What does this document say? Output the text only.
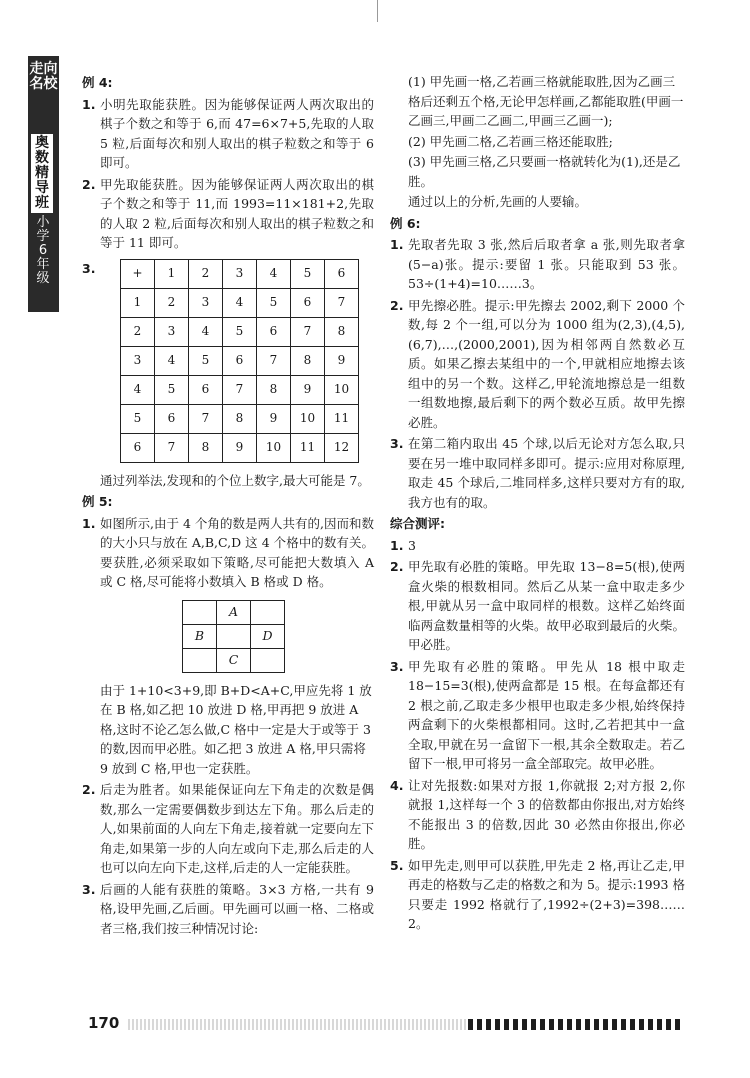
走向名校
奥数精导班
小学6年级
例 4:
1. 小明先取能获胜。因为能够保证两人两次取出的棋子个数之和等于 6,而 47=6×7+5,先取的人取 5 粒,后面每次和别人取出的棋子粒数之和等于 6 即可。
2. 甲先取能获胜。因为能够保证两人两次取出的棋子个数之和等于 11,而 1993=11×181+2,先取的人取 2 粒,后面每次和别人取出的棋子粒数之和等于 11 即可。
3.	+	1	2	3	4	5	6
1	2	3	4	5	6	7
2	3	4	5	6	7	8
3	4	5	6	7	8	9
4	5	6	7	8	9	10
5	6	7	8	9	10	11
6	7	8	9	10	11	12
通过列举法,发现和的个位上数字,最大可能是 7。
例 5:
1. 如图所示,由于 4 个角的数是两人共有的,因而和数的大小只与放在 A,B,C,D 这 4 个格中的数有关。要获胜,必须采取如下策略,尽可能把大数填入 A 或 C 格,尽可能将小数填入 B 格或 D 格。
	A	
B		D
	C	
由于 1+10<3+9,即 B+D<A+C,甲应先将 1 放在 B 格,如乙把 10 放进 D 格,甲再把 9 放进 A 格,这时不论乙怎么做,C 格中一定是大于或等于 3 的数,因而甲必胜。如乙把 3 放进 A 格,甲只需将 9 放到 C 格,甲也一定获胜。
2. 后走为胜者。如果能保证向左下角走的次数是偶数,那么一定需要偶数步到达左下角。那么后走的人,如果前面的人向左下角走,接着就一定要向左下角走,如果第一步的人向左或向下走,那么后走的人也可以向左向下走,这样,后走的人一定能获胜。
3. 后画的人能有获胜的策略。3×3 方格,一共有 9 格,设甲先画,乙后画。甲先画可以画一格、二格或者三格,我们按三种情况讨论:
(1) 甲先画一格,乙若画三格就能取胜,因为乙画三格后还剩五个格,无论甲怎样画,乙都能取胜(甲画一乙画三,甲画二乙画二,甲画三乙画一);
(2) 甲先画二格,乙若画三格还能取胜;
(3) 甲先画三格,乙只要画一格就转化为(1),还是乙胜。
通过以上的分析,先画的人要输。
例 6:
1. 先取者先取 3 张,然后后取者拿 a 张,则先取者拿(5−a)张。提示:要留 1 张。只能取到 53 张。53÷(1+4)=10……3。
2. 甲先擦必胜。提示:甲先擦去 2002,剩下 2000 个数,每 2 个一组,可以分为 1000 组为(2,3),(4,5),(6,7),…,(2000,2001),因为相邻两自然数必互质。如果乙擦去某组中的一个,甲就相应地擦去该组中的另一个数。这样乙,甲轮流地擦总是一组数一组数地擦,最后剩下的两个数必互质。故甲先擦必胜。
3. 在第二箱内取出 45 个球,以后无论对方怎么取,只要在另一堆中取同样多即可。提示:应用对称原理,取走 45 个球后,二堆同样多,这样只要对方有的取,我方也有的取。
综合测评:
1. 3
2. 甲先取有必胜的策略。甲先取 13−8=5(根),使两盒火柴的根数相同。然后乙从某一盒中取走多少根,甲就从另一盒中取同样的根数。这样乙始终面临两盒数量相等的火柴。故甲必取到最后的火柴。甲必胜。
3. 甲先取有必胜的策略。甲先从 18 根中取走 18−15=3(根),使两盒都是 15 根。在每盒都还有 2 根之前,乙取走多少根甲也取走多少根,始终保持两盒剩下的火柴根都相同。这时,乙若把其中一盒全取,甲就在另一盒留下一根,其余全数取走。若乙留下一根,甲可将另一盒全部取完。故甲必胜。
4. 让对先报数:如果对方报 1,你就报 2;对方报 2,你就报 1,这样每一个 3 的倍数都由你报出,对方始终不能报出 3 的倍数,因此 30 必然由你报出,你必胜。
5. 如甲先走,则甲可以获胜,甲先走 2 格,再让乙走,甲再走的格数与乙走的格数之和为 5。提示:1993 格只要走 1992 格就行了,1992÷(2+3)=398……2。
170
